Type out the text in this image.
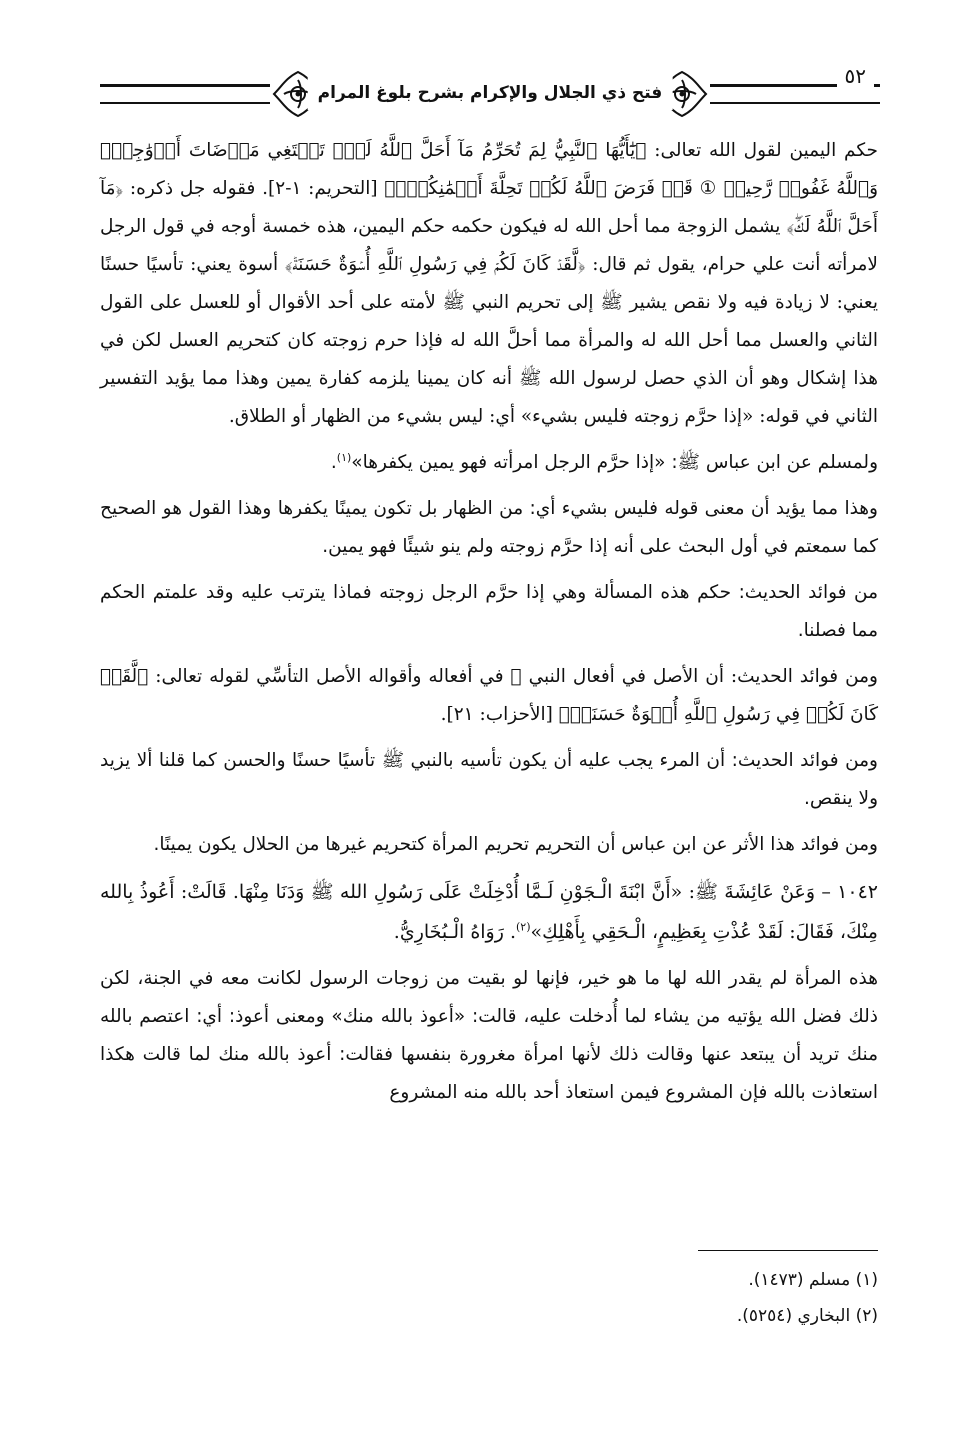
فتح ذي الجلال والإكرام بشرح بلوغ المرام
٥٢

حكم اليمين لقول الله تعالى: ﴿يَٰٓأَيُّهَا ٱلنَّبِيُّ لِمَ تُحَرِّمُ مَآ أَحَلَّ ٱللَّهُ لَكَۖ تَبۡتَغِي مَرۡضَاتَ أَزۡوَٰجِكَۚ وَٱللَّهُ غَفُورٞ رَّحِيمٞ ① قَدۡ فَرَضَ ٱللَّهُ لَكُمۡ تَحِلَّةَ أَيۡمَٰنِكُمۡۚ﴾ [التحريم: ١-٢]. فقوله جل ذكره: ﴿مَآ أَحَلَّ ٱللَّهُ لَكَۖ﴾ يشمل الزوجة مما أحل الله له فيكون حكمه حكم اليمين، هذه خمسة أوجه في قول الرجل لامرأته أنت علي حرام، يقول ثم قال: ﴿لَّقَدۡ كَانَ لَكُمۡ فِي رَسُولِ ٱللَّهِ أُسۡوَةٌ حَسَنَةٞ﴾ أسوة يعني: تأسيًا حسنًا يعني: لا زيادة فيه ولا نقص يشير ﷺ إلى تحريم النبي ﷺ لأمته على أحد الأقوال أو للعسل على القول الثاني والعسل مما أحل الله له والمرأة مما أحلَّ الله له فإذا حرم زوجته كان كتحريم العسل لكن في هذا إشكال وهو أن الذي حصل لرسول الله ﷺ أنه كان يمينا يلزمه كفارة يمين وهذا مما يؤيد التفسير الثاني في قوله: «إذا حرَّم زوجته فليس بشيء» أي: ليس بشيء من الظهار أو الطلاق.

ولمسلم عن ابن عباس ﷺ: «إذا حرَّم الرجل امرأته فهو يمين يكفرها»$^{(١)}$.

وهذا مما يؤيد أن معنى قوله فليس بشيء أي: من الظهار بل تكون يمينًا يكفرها وهذا القول هو الصحيح كما سمعتم في أول البحث على أنه إذا حرَّم زوجته ولم ينو شيئًا فهو يمين.

من فوائد الحديث: حكم هذه المسألة وهي إذا حرَّم الرجل زوجته فماذا يترتب عليه وقد علمتم الحكم مما فصلنا.

ومن فوائد الحديث: أن الأصل في أفعال النبي ﷺ في أفعاله وأقواله الأصل التأسِّي لقوله تعالى: ﴿لَّقَدۡ كَانَ لَكُمۡ فِي رَسُولِ ٱللَّهِ أُسۡوَةٌ حَسَنَةٞ﴾ [الأحزاب: ٢١].

ومن فوائد الحديث: أن المرء يجب عليه أن يكون تأسيه بالنبي ﷺ تأسيًا حسنًا والحسن كما قلنا ألا يزيد ولا ينقص.

ومن فوائد هذا الأثر عن ابن عباس أن التحريم تحريم المرأة كتحريم غيرها من الحلال يكون يمينًا.

١٠٤٢ – وَعَنْ عَائِشَةَ ﷺ: «أَنَّ ابْنَةَ الْـجَوْنِ لَـمَّا أُدْخِلَتْ عَلَى رَسُولِ الله ﷺ وَدَنَا مِنْهَا. قَالَتْ: أَعُوذُ بِالله مِنْكَ، فَقَالَ: لَقَدْ عُذْتِ بِعَظِيمٍ، الْـحَقِي بِأَهْلِكِ»$^{(٢)}$. رَوَاهُ الْـبُخَارِيُّ.

هذه المرأة لم يقدر الله لها ما هو خير، فإنها لو بقيت من زوجات الرسول لكانت معه في الجنة، لكن ذلك فضل الله يؤتيه من يشاء لما أُدخلت عليه، قالت: «أعوذ بالله منك» ومعنى أعوذ: أي: اعتصم بالله منك تريد أن يبتعد عنها وقالت ذلك لأنها امرأة مغرورة بنفسها فقالت: أعوذ بالله منك لما قالت هكذا استعاذت بالله فإن المشروع فيمن استعاذ أحد بالله منه المشروع

(١) مسلم (١٤٧٣).

(٢) البخاري (٥٢٥٤).
